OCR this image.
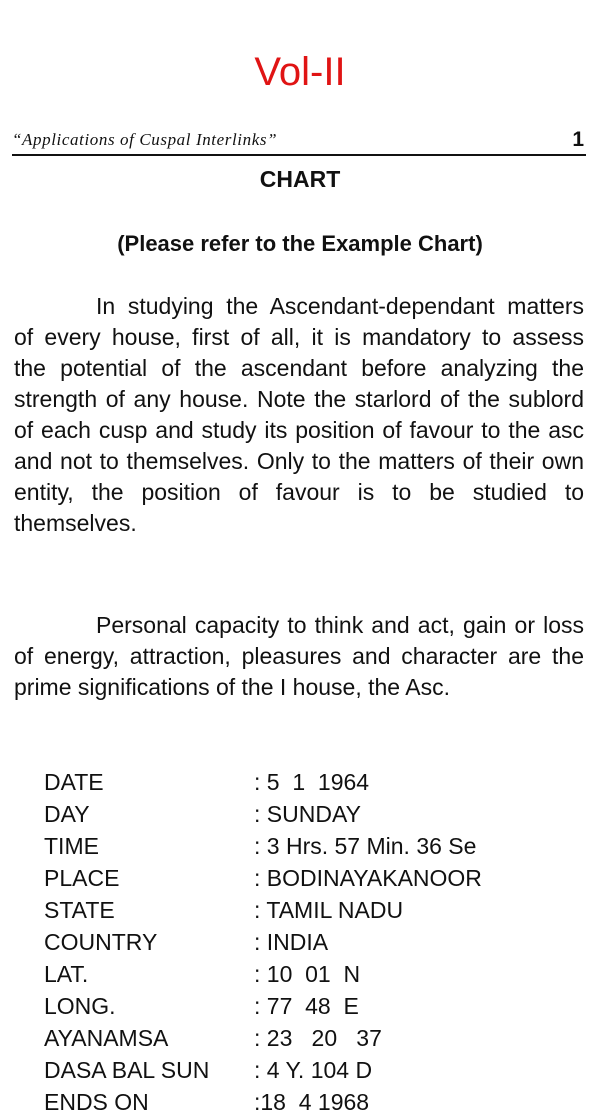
Vol-II
“Applications of Cuspal Interlinks”	1
CHART
(Please refer to the Example Chart)

In studying the Ascendant-dependant matters of every house, first of all, it is mandatory to assess the potential of the ascendant before analyzing the strength of any house. Note the starlord of the sublord of each cusp and study its position of favour to the asc and not to themselves. Only to the matters of their own entity, the position of favour is to be studied to themselves.

Personal capacity to think and act, gain or loss of energy, attraction, pleasures and character are the prime significations of the I house, the Asc.

DATE	: 5  1  1964
DAY	: SUNDAY
TIME	: 3 Hrs. 57 Min. 36 Se
PLACE	: BODINAYAKANOOR
STATE	: TAMIL NADU
COUNTRY	: INDIA
LAT.	: 10  01  N
LONG.	: 77  48  E
AYANAMSA	: 23   20   37
DASA BAL SUN : 4 Y. 104 D
ENDS ON	:18  4 1968
